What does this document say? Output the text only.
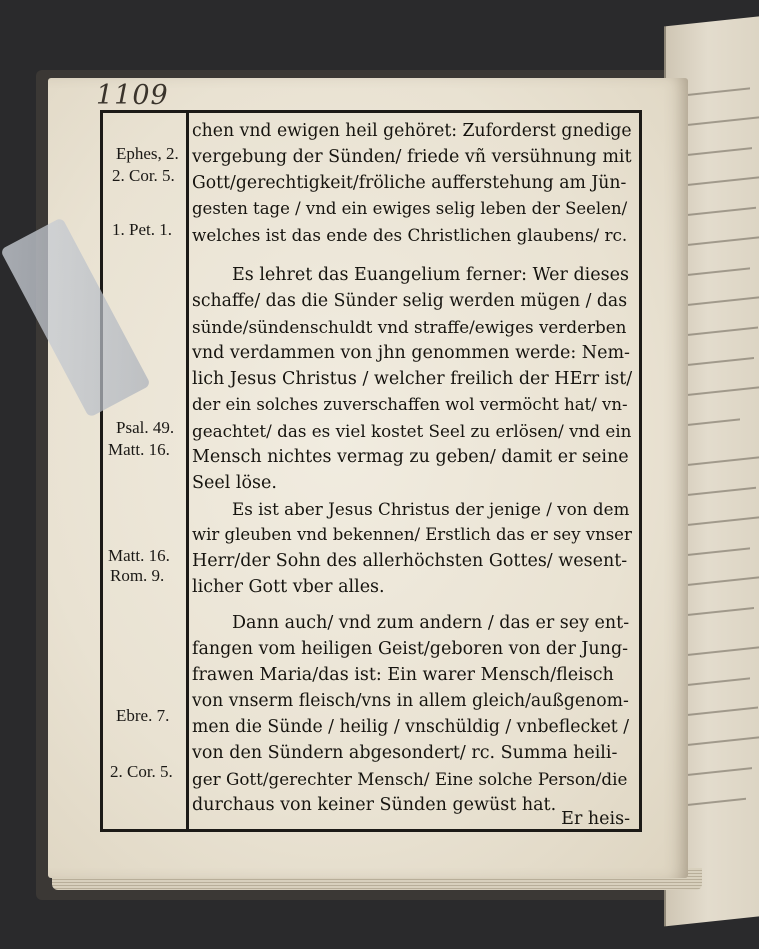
1109
Ephes, 2.
2. Cor. 5.
1. Pet. 1.
Psal. 49.
Matt. 16.
Matt. 16.
Rom. 9.
Ebre. 7.
2. Cor. 5.
chen vnd ewigen heil gehöret: Zuforderst gnedige
vergebung der Sünden/ friede vñ versühnung mit
Gott/gerechtigkeit/fröliche aufferstehung am Jün-
gesten tage / vnd ein ewiges selig leben der Seelen/
welches ist das ende des Christlichen glaubens/ rc.
Es lehret das Euangelium ferner: Wer dieses
schaffe/ das die Sünder selig werden mügen / das
sünde/sündenschuldt vnd straffe/ewiges verderben
vnd verdammen von jhn genommen werde: Nem-
lich Jesus Christus / welcher freilich der HErr ist/
der ein solches zuverschaffen wol vermöcht hat/ vn-
geachtet/ das es viel kostet Seel zu erlösen/ vnd ein
Mensch nichtes vermag zu geben/ damit er seine
Seel löse.
Es ist aber Jesus Christus der jenige / von dem
wir gleuben vnd bekennen/ Erstlich das er sey vnser
Herr/der Sohn des allerhöchsten Gottes/ wesent-
licher Gott vber alles.
Dann auch/ vnd zum andern / das er sey ent-
fangen vom heiligen Geist/geboren von der Jung-
frawen Maria/das ist: Ein warer Mensch/fleisch
von vnserm fleisch/vns in allem gleich/außgenom-
men die Sünde / heilig / vnschüldig / vnbeflecket /
von den Sündern abgesondert/ rc. Summa heili-
ger Gott/gerechter Mensch/ Eine solche Person/die
durchaus von keiner Sünden gewüst hat.
Er heis-
